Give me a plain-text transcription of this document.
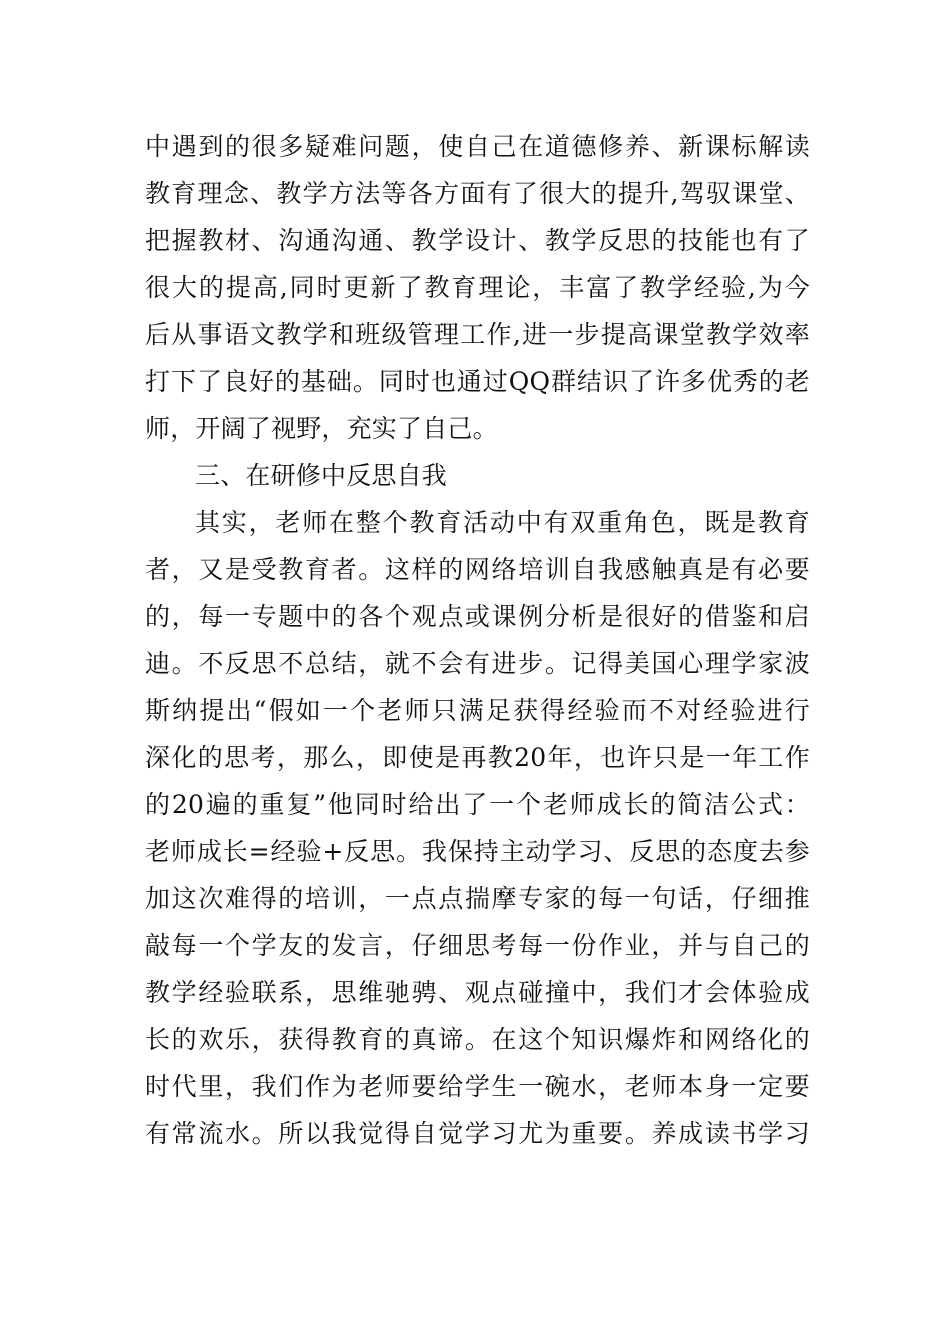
中遇到的很多疑难问题，使自己在道德修养、新课标解读

教育理念、教学方法等各方面有了很大的提升,驾驭课堂、

把握教材、沟通沟通、教学设计、教学反思的技能也有了

很大的提高,同时更新了教育理论，丰富了教学经验,为今

后从事语文教学和班级管理工作,进一步提高课堂教学效率

打下了良好的基础。同时也通过QQ群结识了许多优秀的老

师，开阔了视野，充实了自己。

三、在研修中反思自我

其实，老师在整个教育活动中有双重角色，既是教育

者，又是受教育者。这样的网络培训自我感触真是有必要

的，每一专题中的各个观点或课例分析是很好的借鉴和启

迪。不反思不总结，就不会有进步。记得美国心理学家波

斯纳提出“假如一个老师只满足获得经验而不对经验进行

深化的思考，那么，即使是再教20年，也许只是一年工作

的20遍的重复”他同时给出了一个老师成长的简洁公式：

老师成长=经验+反思。我保持主动学习、反思的态度去参

加这次难得的培训，一点点揣摩专家的每一句话，仔细推

敲每一个学友的发言，仔细思考每一份作业，并与自己的

教学经验联系，思维驰骋、观点碰撞中，我们才会体验成

长的欢乐，获得教育的真谛。在这个知识爆炸和网络化的

时代里，我们作为老师要给学生一碗水，老师本身一定要

有常流水。所以我觉得自觉学习尤为重要。养成读书学习
